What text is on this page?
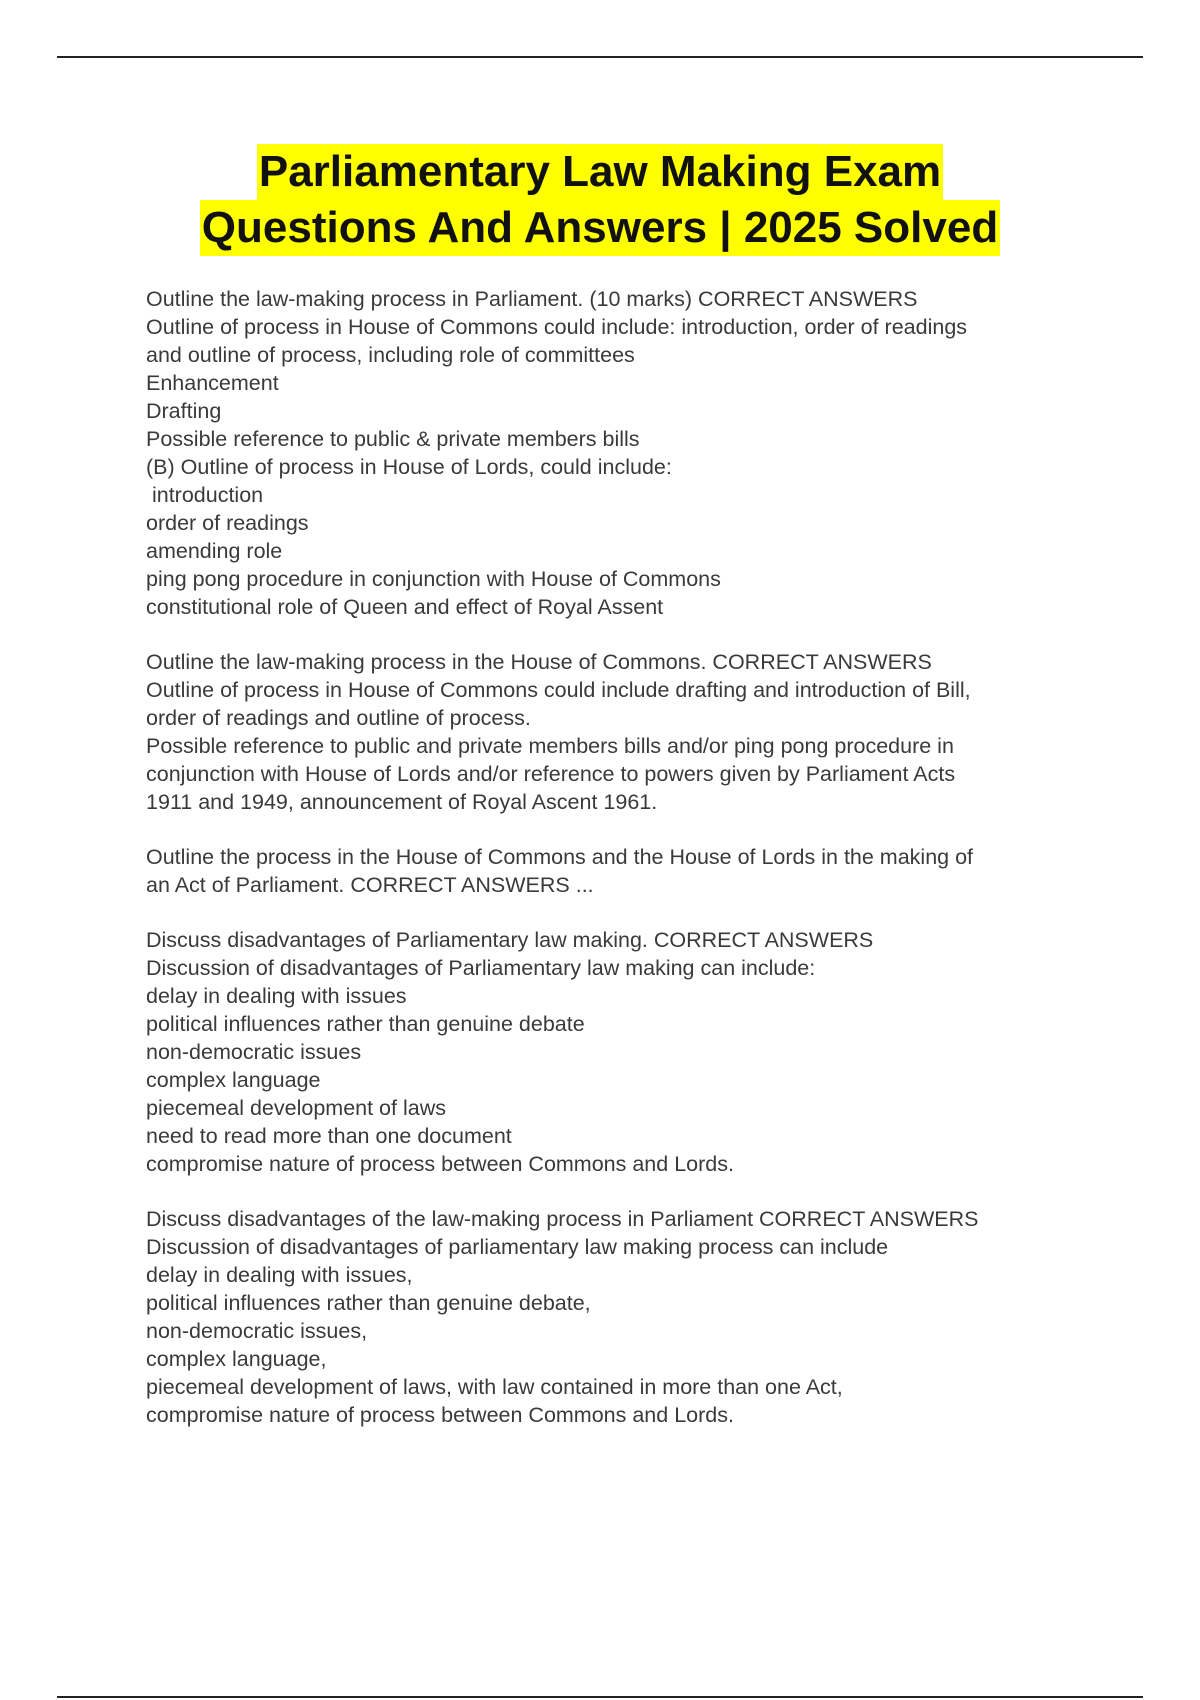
Parliamentary Law Making Exam
Questions And Answers | 2025 Solved
Outline the law-making process in Parliament. (10 marks) CORRECT ANSWERS
Outline of process in House of Commons could include: introduction, order of readings
and outline of process, including role of committees
Enhancement
Drafting
Possible reference to public & private members bills
(B) Outline of process in House of Lords, could include:
introduction
order of readings
amending role
ping pong procedure in conjunction with House of Commons
constitutional role of Queen and effect of Royal Assent
Outline the law-making process in the House of Commons. CORRECT ANSWERS
Outline of process in House of Commons could include drafting and introduction of Bill,
order of readings and outline of process.
Possible reference to public and private members bills and/or ping pong procedure in
conjunction with House of Lords and/or reference to powers given by Parliament Acts
1911 and 1949, announcement of Royal Ascent 1961.
Outline the process in the House of Commons and the House of Lords in the making of
an Act of Parliament. CORRECT ANSWERS ...
Discuss disadvantages of Parliamentary law making. CORRECT ANSWERS
Discussion of disadvantages of Parliamentary law making can include:
delay in dealing with issues
political influences rather than genuine debate
non-democratic issues
complex language
piecemeal development of laws
need to read more than one document
compromise nature of process between Commons and Lords.
Discuss disadvantages of the law-making process in Parliament CORRECT ANSWERS
Discussion of disadvantages of parliamentary law making process can include
delay in dealing with issues,
political influences rather than genuine debate,
non-democratic issues,
complex language,
piecemeal development of laws, with law contained in more than one Act,
compromise nature of process between Commons and Lords.
